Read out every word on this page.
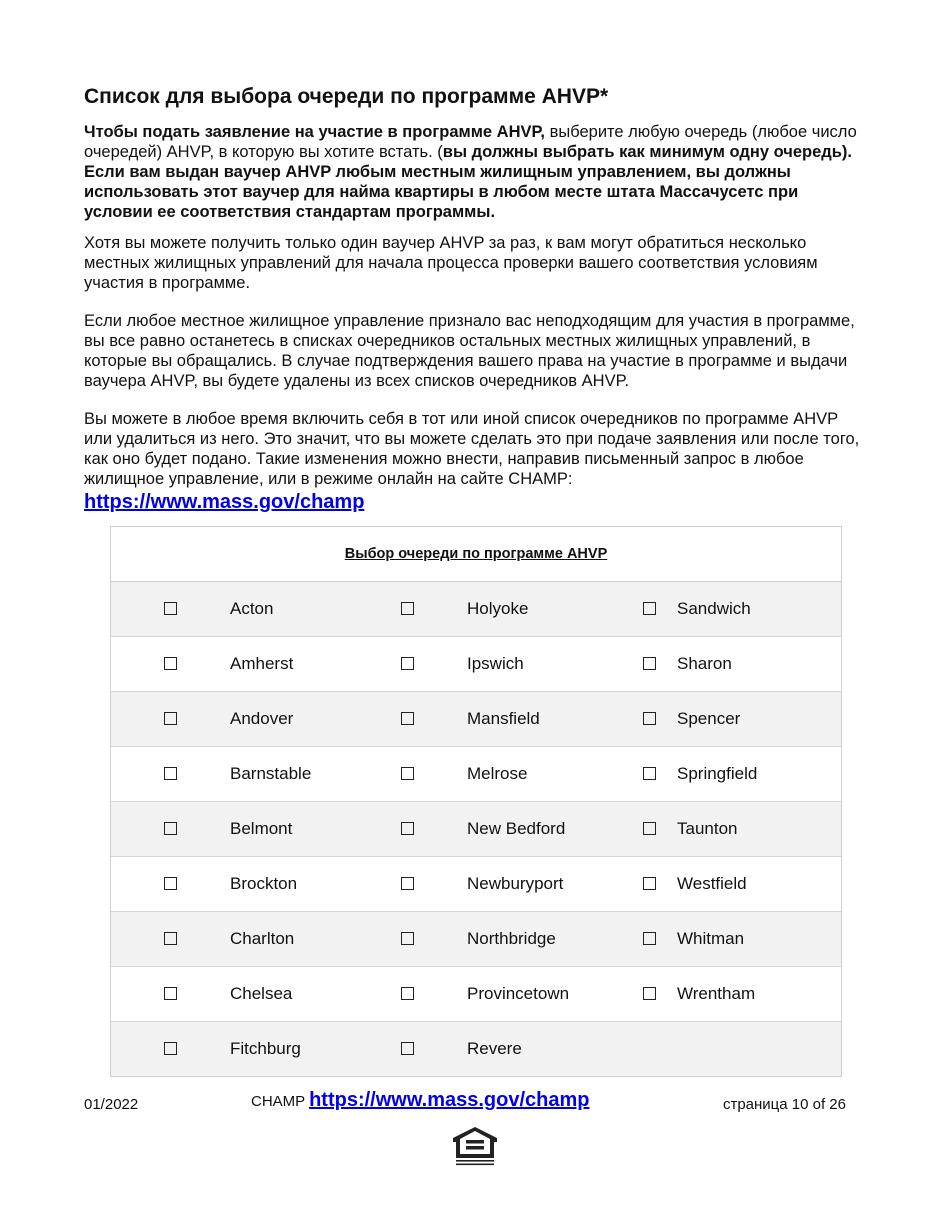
Список для выбора очереди по программе AHVP*

Чтобы подать заявление на участие в программе AHVP, выберите любую очередь (любое число очередей) AHVP, в которую вы хотите встать. (вы должны выбрать как минимум одну очередь). Если вам выдан ваучер AHVP любым местным жилищным управлением, вы должны использовать этот ваучер для найма квартиры в любом месте штата Массачусетс при условии ее соответствия стандартам программы.

Хотя вы можете получить только один ваучер AHVP за раз, к вам могут обратиться несколько местных жилищных управлений для начала процесса проверки вашего соответствия условиям участия в программе.

Если любое местное жилищное управление признало вас неподходящим для участия в программе, вы все равно останетесь в списках очередников остальных местных жилищных управлений, в которые вы обращались. В случае подтверждения вашего права на участие в программе и выдачи ваучера AHVP, вы будете удалены из всех списков очередников AHVP.

Вы можете в любое время включить себя в тот или иной список очередников по программе AHVP или удалиться из него. Это значит, что вы можете сделать это при подаче заявления или после того, как оно будет подано. Такие изменения можно внести, направив письменный запрос в любое жилищное управление, или в режиме онлайн на сайте CHAMP:

https://www.mass.gov/champ
Выбор очереди по программе AHVP
Acton	Holyoke	Sandwich
Amherst	Ipswich	Sharon
Andover	Mansfield	Spencer
Barnstable	Melrose	Springfield
Belmont	New Bedford	Taunton
Brockton	Newburyport	Westfield
Charlton	Northbridge	Whitman
Chelsea	Provincetown	Wrentham
Fitchburg	Revere
01/2022	CHAMP https://www.mass.gov/champ	страница 10 of 26
